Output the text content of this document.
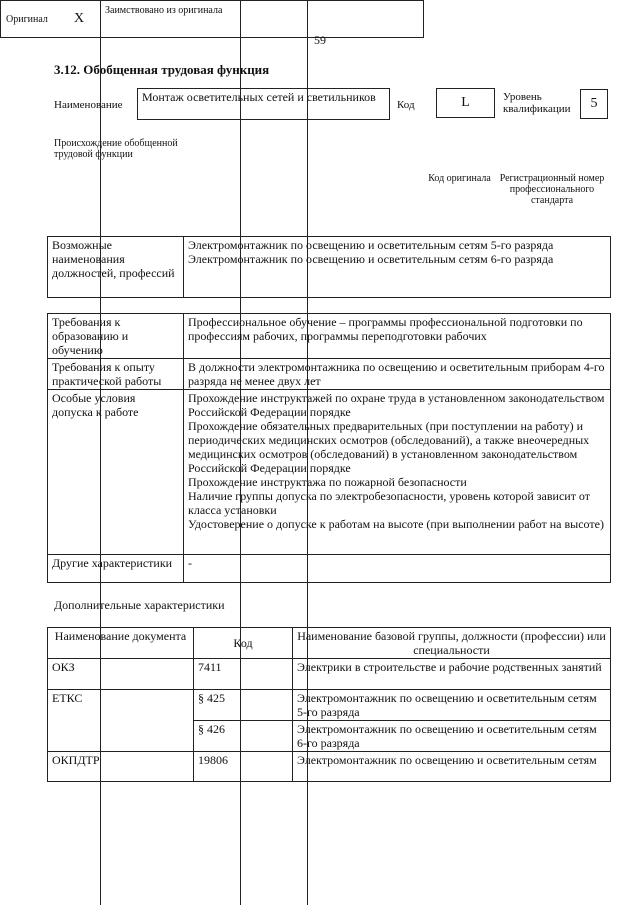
59
3.12. Обобщенная трудовая функция
Наименование
Монтаж осветительных сетей и светильников
Код	L	Уровень квалификации	5
Происхождение обобщенной трудовой функции
Оригинал X
Заимствовано из оригинала
Код оригинала Регистрационный номер профессионального стандарта
Возможные наименования должностей, профессий	
Электромонтажник по освещению и осветительным сетям 5-го разряда
Электромонтажник по освещению и осветительным сетям 6-го разряда
Требования к образованию и обучению	Профессиональное обучение – программы профессиональной подготовки по профессиям рабочих, программы переподготовки рабочих
Требования к опыту практической работы	В должности электромонтажника по освещению и осветительным приборам 4-го разряда не менее двух лет
Особые условия допуска к работе	Прохождение инструктажей по охране труда в установленном законодательством Российской Федерации порядке
Прохождение обязательных предварительных (при поступлении на работу) и периодических медицинских осмотров (обследований), а также внеочередных медицинских осмотров (обследований) в установленном законодательством Российской Федерации порядке
Прохождение инструктажа по пожарной безопасности
Наличие группы допуска по электробезопасности, уровень которой зависит от класса установки
Удостоверение о допуске к работам на высоте (при выполнении работ на высоте)

Другие характеристики	-
Дополнительные характеристики
Наименование документа	Код	Наименование базовой группы, должности (профессии) или специальности
ОКЗ	7411	Электрики в строительстве и рабочие родственных занятий
ЕТКС	§ 425	Электромонтажник по освещению и осветительным сетям 5-го разряда
	§ 426	Электромонтажник по освещению и осветительным сетям 6-го разряда
ОКПДТР	19806	Электромонтажник по освещению и осветительным сетям
